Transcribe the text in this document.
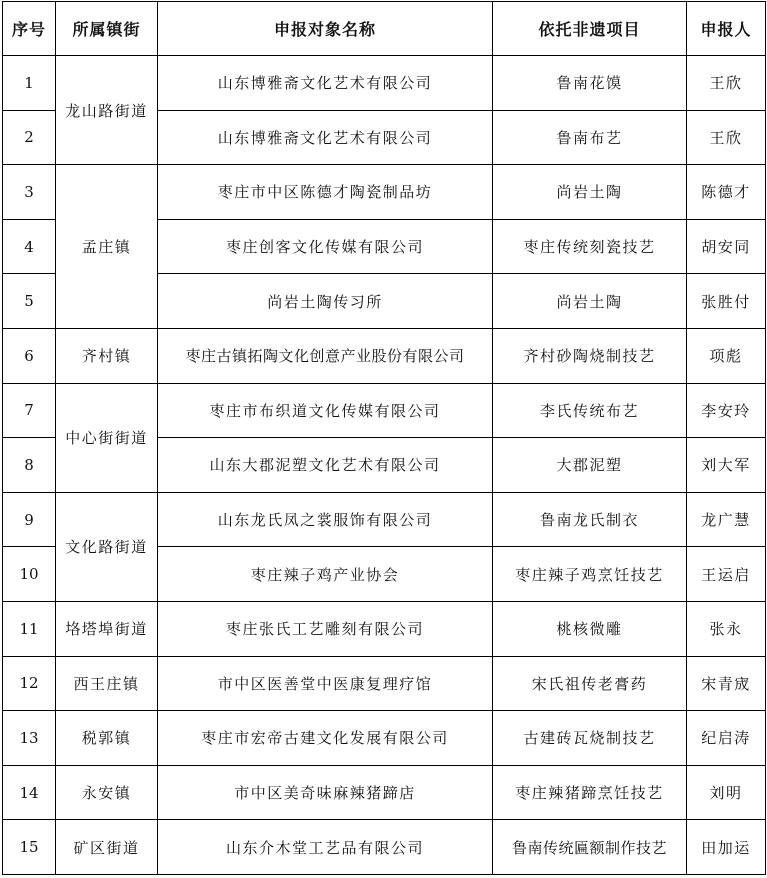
序号	所属镇街	申报对象名称	依托非遗项目	申报人
1	龙山路街道	山东博雅斋文化艺术有限公司	鲁南花馍	王欣
2		山东博雅斋文化艺术有限公司	鲁南布艺	王欣
3	孟庄镇	枣庄市中区陈德才陶瓷制品坊	尚岩土陶	陈德才
4		枣庄创客文化传媒有限公司	枣庄传统刻瓷技艺	胡安同
5		尚岩土陶传习所	尚岩土陶	张胜付
6	齐村镇	枣庄古镇拓陶文化创意产业股份有限公司	齐村砂陶烧制技艺	项彪
7	中心街街道	枣庄市布织道文化传媒有限公司	李氏传统布艺	李安玲
8		山东大郡泥塑文化艺术有限公司	大郡泥塑	刘大军
9	文化路街道	山东龙氏凤之裳服饰有限公司	鲁南龙氏制衣	龙广慧
10		枣庄辣子鸡产业协会	枣庄辣子鸡烹饪技艺	王运启
11	垎塔埠街道	枣庄张氏工艺雕刻有限公司	桃核微雕	张永
12	西王庄镇	市中区医善堂中医康复理疗馆	宋氏祖传老膏药	宋青宬
13	税郭镇	枣庄市宏帝古建文化发展有限公司	古建砖瓦烧制技艺	纪启涛
14	永安镇	市中区美奇味麻辣猪蹄店	枣庄辣猪蹄烹饪技艺	刘明
15	矿区街道	山东介木堂工艺品有限公司	鲁南传统匾额制作技艺	田加运
